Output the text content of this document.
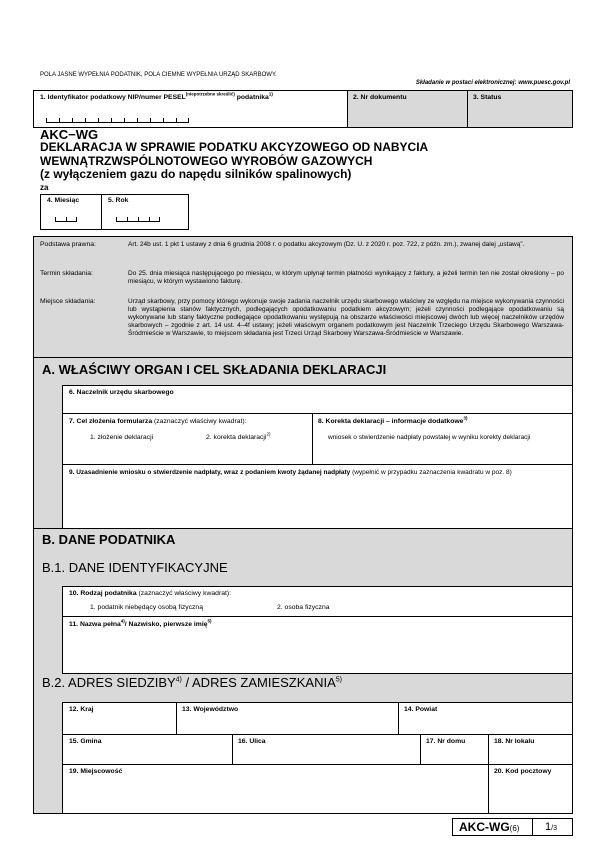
POLA JASNE WYPEŁNIA PODATNIK, POLA CIEMNE WYPEŁNIA URZĄD SKARBOWY.
Składanie w postaci elektronicznej: www.puesc.gov.pl
1. Identyfikator podatkowy NIP/numer $PESEL^{(niepotrzebne skreślić)}$ podatnika$^{1)}$	2. Nr dokumentu	3. Status
AKC−WG
DEKLARACJA W SPRAWIE PODATKU AKCYZOWEGO OD NABYCIA
WEWNĄTRZWSPÓLNOTOWEGO WYROBÓW GAZOWYCH
(z wyłączeniem gazu do napędu silników spalinowych)
za
4. Miesiąc	5. Rok
Podstawa prawna:	Art. 24b ust. 1 pkt 1 ustawy z dnia 6 grudnia 2008 r. o podatku akcyzowym (Dz. U. z 2020 r. poz. 722, z późn. zm.), zwanej dalej „ustawą”.
Termin składania:	Do 25. dnia miesiąca następującego po miesiącu, w którym upłynął termin płatności wynikający z faktury, a jeżeli termin ten nie został określony – po miesiącu, w którym wystawiono fakturę.
Miejsce składania:	Urząd skarbowy, przy pomocy którego wykonuje swoje zadania naczelnik urzędu skarbowego właściwy ze względu na miejsce wykonywania czynności lub wystąpienia stanów faktycznych, podlegających opodatkowaniu podatkiem akcyzowym; jeżeli czynności podlegające opodatkowaniu są wykonywane lub stany faktyczne podlegające opodatkowaniu występują na obszarze właściwości miejscowej dwóch lub więcej naczelników urzędów skarbowych – zgodnie z art. 14 ust. 4–4f ustawy; jeżeli właściwym organem podatkowym jest Naczelnik Trzeciego Urzędu Skarbowego Warszawa-Śródmieście w Warszawie, to miejscem składania jest Trzeci Urząd Skarbowy Warszawa-Śródmieście w Warszawie.
A. WŁAŚCIWY ORGAN I CEL SKŁADANIA DEKLARACJI
6. Naczelnik urzędu skarbowego
7. Cel złożenia formularza (zaznaczyć właściwy kwadrat):
1. złożenie deklaracji	2. korekta deklaracji$^{2)}$
8. Korekta deklaracji – informacje dodatkowe$^{3)}$
wniosek o stwierdzenie nadpłaty powstałej w wyniku korekty deklaracji
9. Uzasadnienie wniosku o stwierdzenie nadpłaty, wraz z podaniem kwoty żądanej nadpłaty (wypełnić w przypadku zaznaczenia kwadratu w poz. 8)
B. DANE PODATNIKA
B.1. DANE IDENTYFIKACYJNE
B.2. ADRES SIEDZIBY$^{4)}$ / ADRES ZAMIESZKANIA$^{5)}$
10. Rodzaj podatnika (zaznaczyć właściwy kwadrat):
1. podatnik niebędący osobą fizyczną	2. osoba fizyczna
11. Nazwa pełna$^{4)}$/ Nazwisko, pierwsze imię$^{5)}$
12. Kraj	13. Województwo	14. Powiat
15. Gmina	16. Ulica	17. Nr domu	18. Nr lokalu
19. Miejscowość	20. Kod pocztowy
AKC-WG(6) 1/3
